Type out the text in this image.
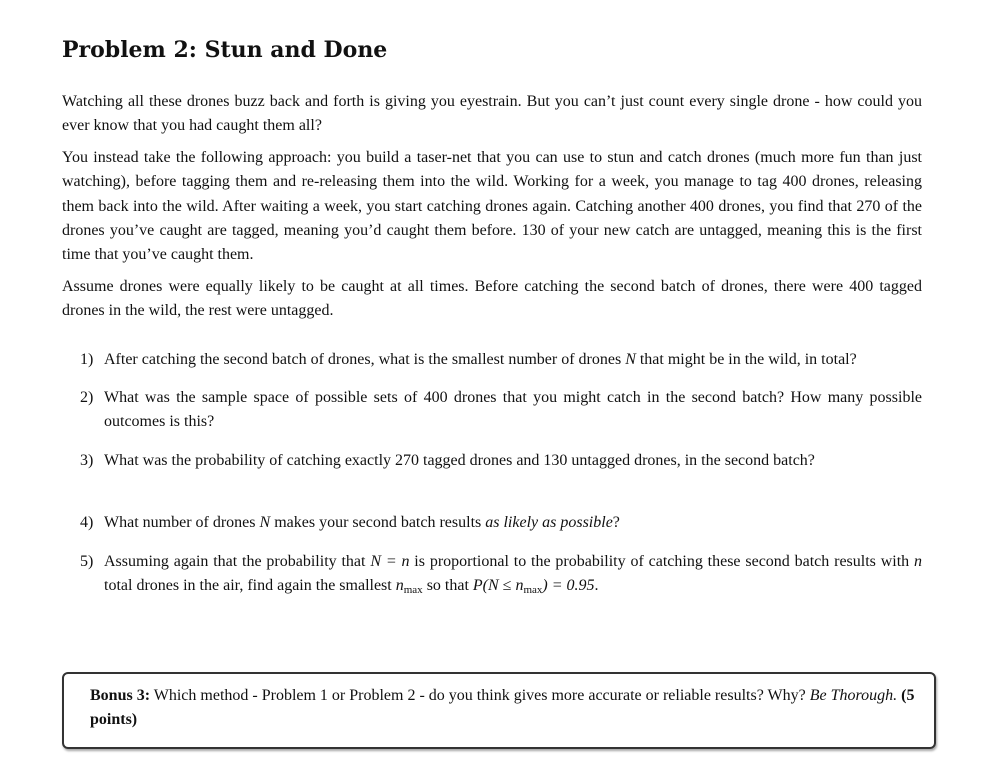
Problem 2: Stun and Done

Watching all these drones buzz back and forth is giving you eyestrain. But you can’t just count every single drone - how could you ever know that you had caught them all?

You instead take the following approach: you build a taser-net that you can use to stun and catch drones (much more fun than just watching), before tagging them and re-releasing them into the wild. Working for a week, you manage to tag 400 drones, releasing them back into the wild. After waiting a week, you start catching drones again. Catching another 400 drones, you find that 270 of the drones you’ve caught are tagged, meaning you’d caught them before. 130 of your new catch are untagged, meaning this is the first time that you’ve caught them.

Assume drones were equally likely to be caught at all times. Before catching the second batch of drones, there were 400 tagged drones in the wild, the rest were untagged.

1) After catching the second batch of drones, what is the smallest number of drones N that might be in the wild, in total?
2) What was the sample space of possible sets of 400 drones that you might catch in the second batch? How many possible outcomes is this?
3) What was the probability of catching exactly 270 tagged drones and 130 untagged drones, in the second batch?
4) What number of drones N makes your second batch results as likely as possible?
5) Assuming again that the probability that N = n is proportional to the probability of catching these second batch results with n total drones in the air, find again the smallest $n_{max}$ so that $P(N \le n_{max}) = 0.95$.
Bonus 3: Which method - Problem 1 or Problem 2 - do you think gives more accurate or reliable results? Why? Be Thorough. (5 points)
